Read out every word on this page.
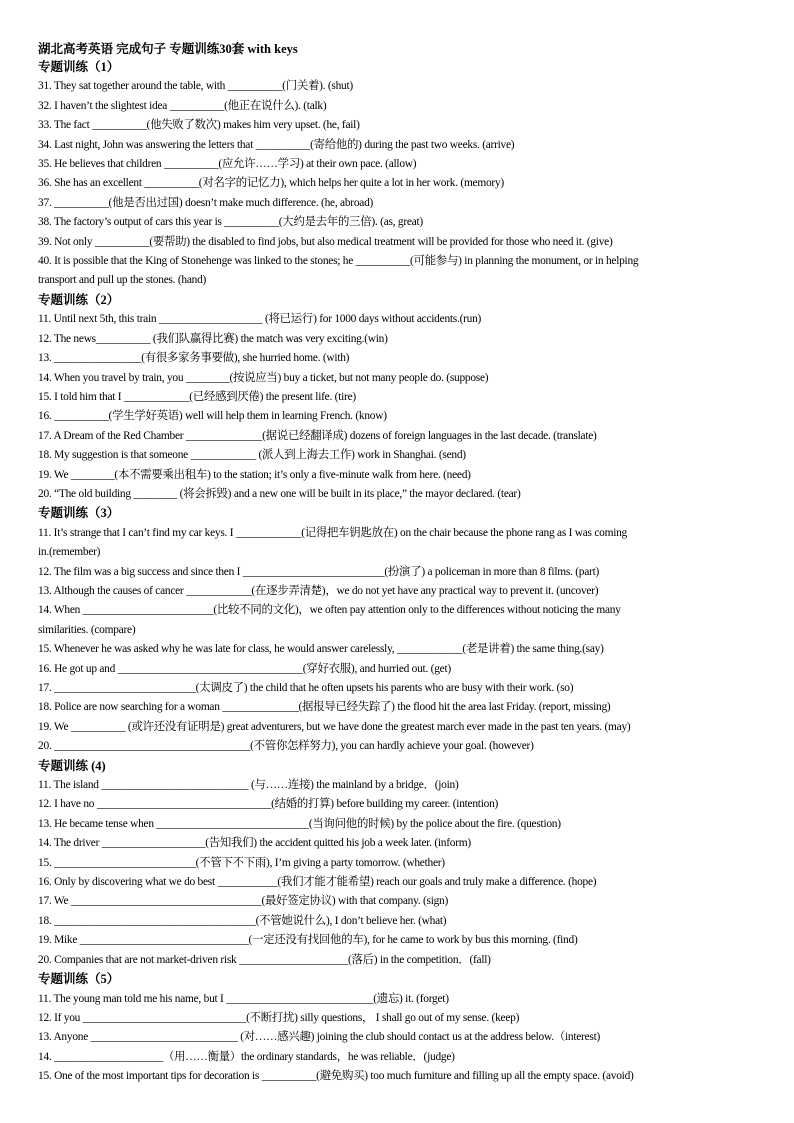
湖北高考英语 完成句子 专题训练30套 with keys

专题训练（1）

31. They sat together around the table, with __________(门关着). (shut)

32. I haven’t the slightest idea __________(他正在说什么). (talk)

33. The fact __________(他失败了数次) makes him very upset. (he, fail)

34. Last night, John was answering the letters that __________(寄给他的) during the past two weeks. (arrive)

35. He believes that children __________(应允许……学习) at their own pace. (allow)

36. She has an excellent __________(对名字的记忆力), which helps her quite a lot in her work. (memory)

37. __________(他是否出过国) doesn’t make much difference. (he, abroad)

38. The factory’s output of cars this year is __________(大约是去年的三倍). (as, great)

39. Not only __________(要帮助) the disabled to find jobs, but also medical treatment will be provided for those who need it. (give)

40. It is possible that the King of Stonehenge was linked to the stones; he __________(可能参与) in planning the monument, or in helping

transport and pull up the stones. (hand)

专题训练（2）

11. Until next 5th, this train ___________________ (将已运行) for 1000 days without accidents.(run)

12. The news__________ (我们队赢得比赛) the match was very exciting.(win)

13. ________________(有很多家务事要做), she hurried home. (with)

14. When you travel by train, you ________(按说应当) buy a ticket, but not many people do. (suppose)

15. I told him that I ____________(已经感到厌倦) the present life. (tire)

16. __________(学生学好英语) well will help them in learning French. (know)

17. A Dream of the Red Chamber ______________(据说已经翻译成) dozens of foreign languages in the last decade. (translate)

18. My suggestion is that someone ____________ (派人到上海去工作) work in Shanghai. (send)

19. We ________(本不需要乘出租车) to the station; it’s only a five-minute walk from here. (need)

20. “The old building ________ (将会拆毁) and a new one will be built in its place,” the mayor declared. (tear)

专题训练（3）

11. It’s strange that I can’t find my car keys. I ____________(记得把车钥匙放在) on the chair because the phone rang as I was coming

in.(remember)

12. The film was a big success and since then I __________________________(扮演了) a policeman in more than 8 films. (part)

13. Although the causes of cancer ____________(在逐步弄清楚)，we do not yet have any practical way to prevent it. (uncover)

14. When ________________________(比较不同的文化)，we often pay attention only to the differences without noticing the many

similarities. (compare)

15. Whenever he was asked why he was late for class, he would answer carelessly, ____________(老是讲着) the same thing.(say)

16. He got up and __________________________________(穿好衣服), and hurried out. (get)

17. __________________________(太调皮了) the child that he often upsets his parents who are busy with their work. (so)

18. Police are now searching for a woman ______________(据报导已经失踪了) the flood hit the area last Friday. (report, missing)

19. We __________ (或许还没有证明是) great adventurers, but we have done the greatest march ever made in the past ten years. (may)

20. ____________________________________(不管你怎样努力), you can hardly achieve your goal. (however)

专题训练 (4)

11. The island ___________________________ (与……连接) the mainland by a bridge．(join)

12. I have no ________________________________(结婚的打算) before building my career. (intention)

13. He became tense when ____________________________(当询问他的时候) by the police about the fire. (question)

14. The driver ___________________(告知我们) the accident quitted his job a week later. (inform)

15. __________________________(不管下不下雨), I’m giving a party tomorrow. (whether)

16. Only by discovering what we do best ___________(我们才能才能希望) reach our goals and truly make a difference. (hope)

17. We ___________________________________(最好签定协议) with that company. (sign)

18. _____________________________________(不管她说什么), I don’t believe her. (what)

19. Mike _______________________________(一定还没有找回他的车), for he came to work by bus this morning. (find)

20. Companies that are not market-driven risk ____________________(落后) in the competition．(fall)

专题训练（5）

11. The young man told me his name, but I ___________________________(遗忘) it. (forget)

12. If you ______________________________(不断打扰) silly questions， I shall go out of my sense. (keep)

13. Anyone ___________________________ (对……感兴趣) joining the club should contact us at the address below.（interest)

14. ____________________（用……衡量）the ordinary standards，he was reliable．(judge)

15. One of the most important tips for decoration is __________(避免购买) too much furniture and filling up all the empty space. (avoid)
